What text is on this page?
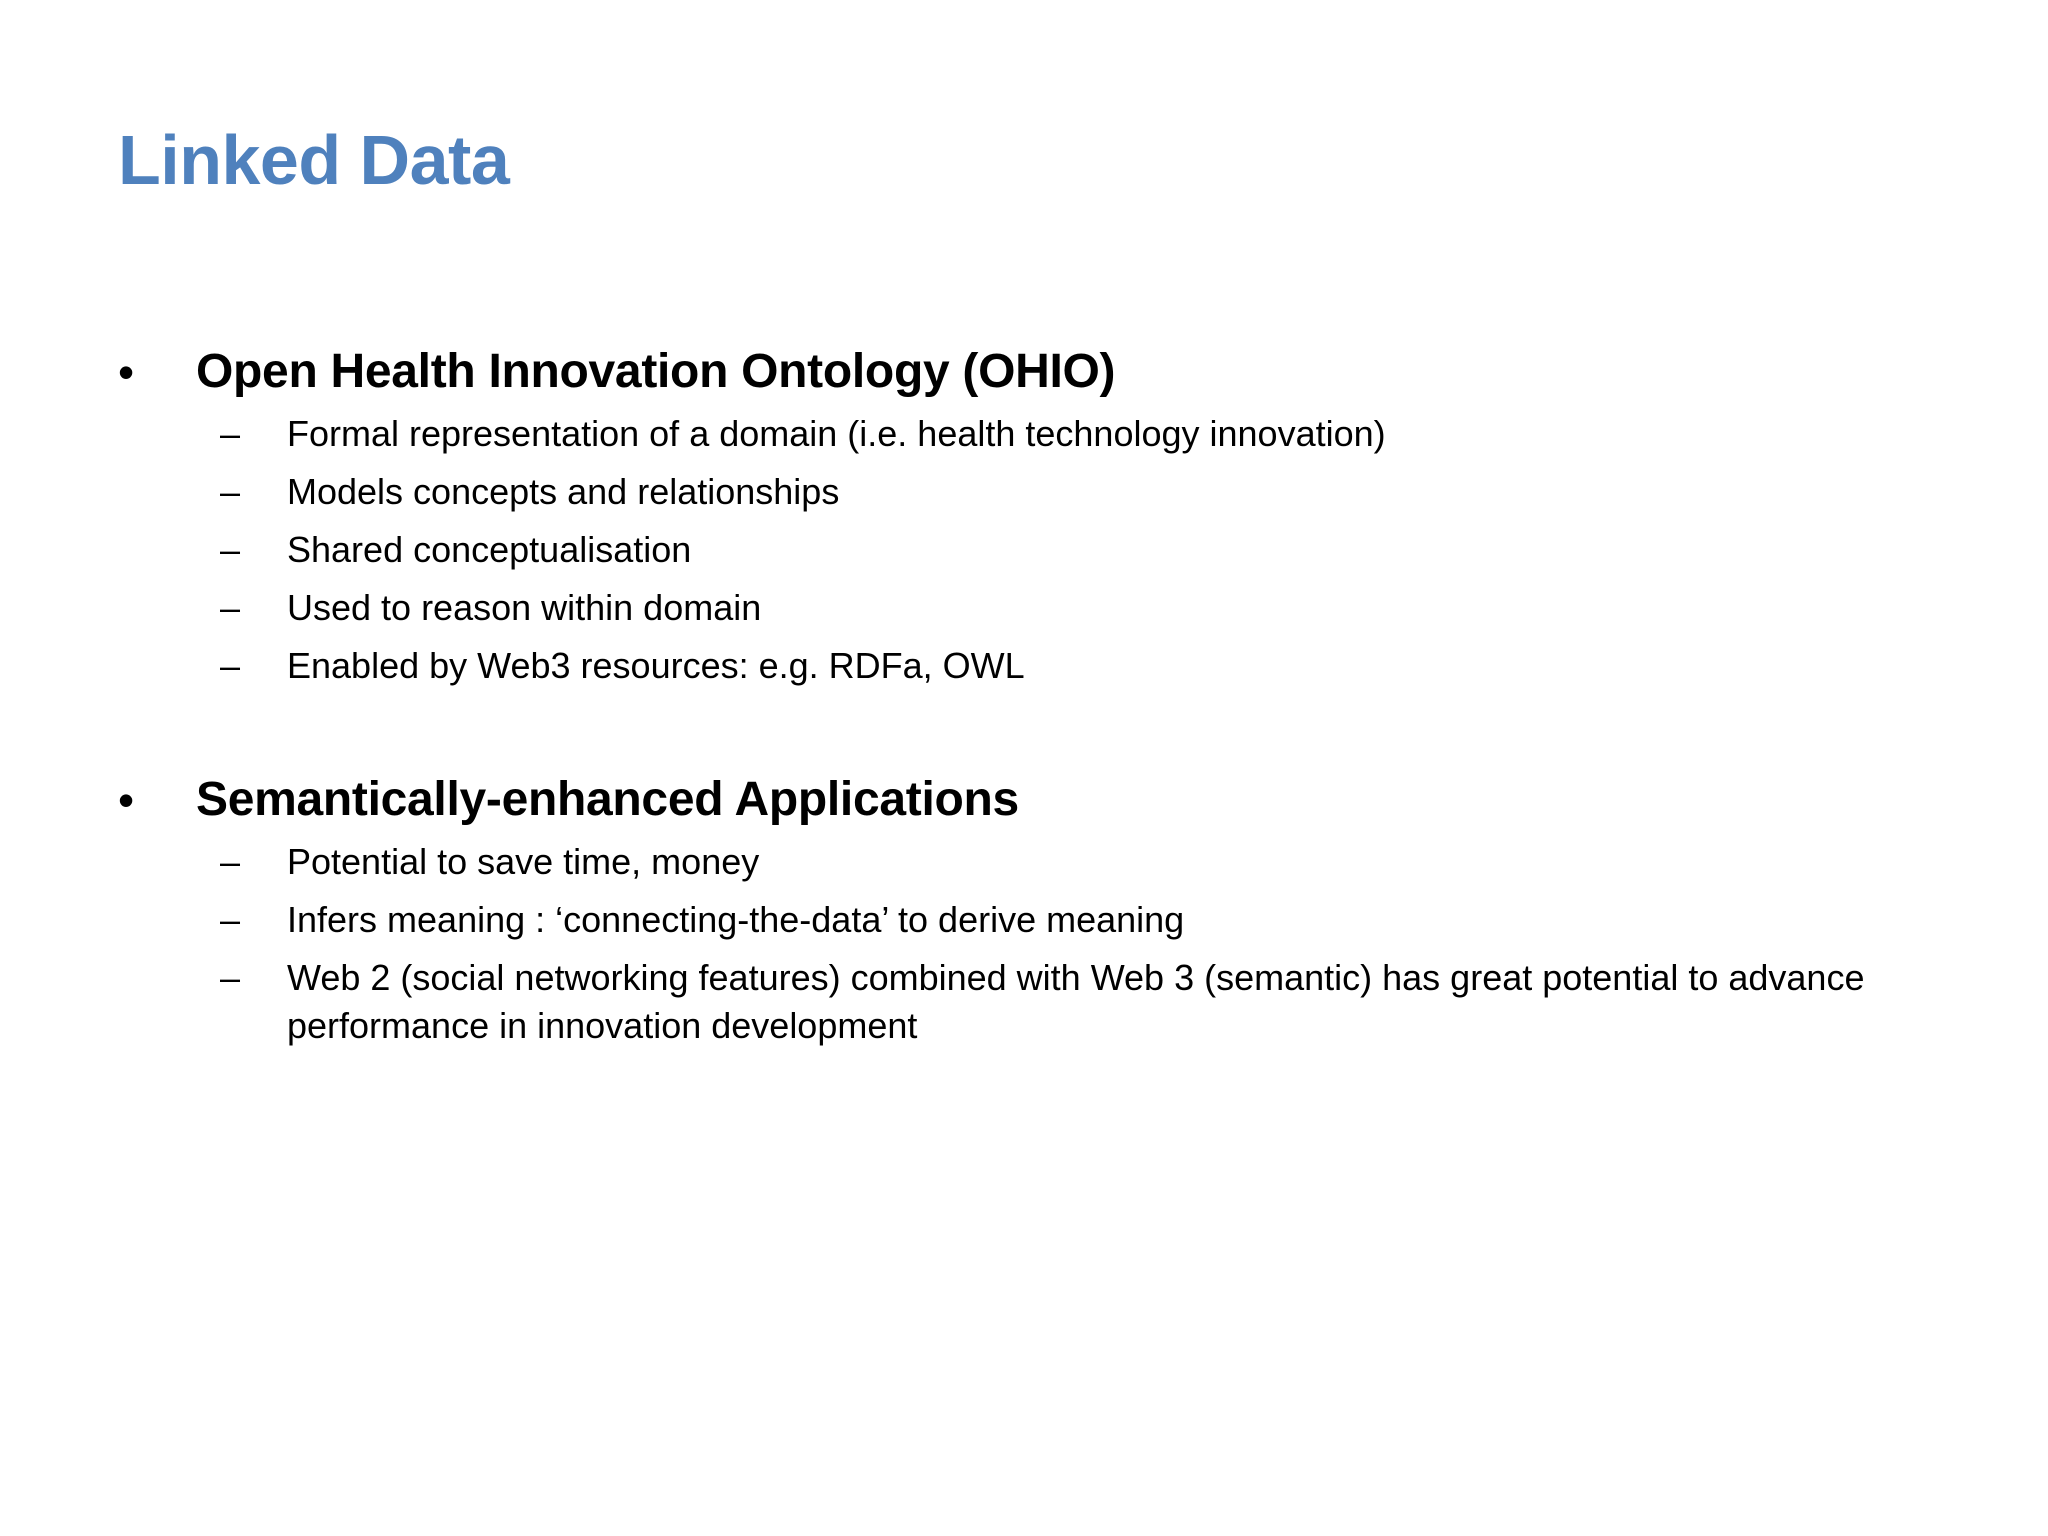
Linked Data
•	Open Health Innovation Ontology (OHIO)
–	Formal representation of a domain (i.e. health technology innovation)
–	Models concepts and relationships
–	Shared conceptualisation
–	Used to reason within domain
–	Enabled by Web3 resources: e.g. RDFa, OWL
•	Semantically-enhanced Applications
–	Potential to save time, money
–	Infers meaning : ‘connecting-the-data’ to derive meaning
–	Web 2 (social networking features) combined with Web 3 (semantic) has great potential to advance performance in innovation development
